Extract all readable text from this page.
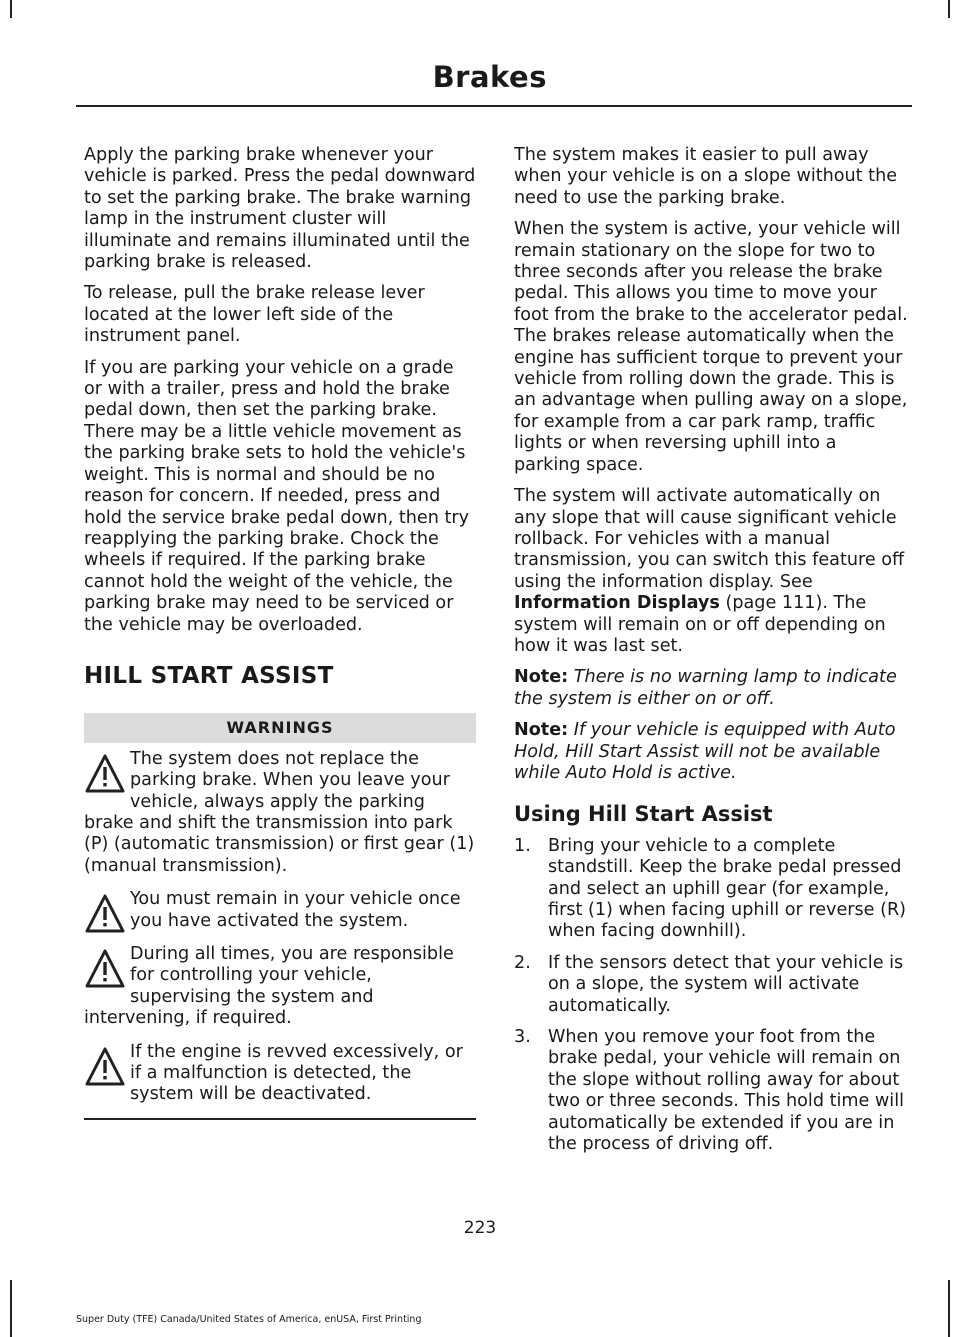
Brakes

Apply the parking brake whenever your vehicle is parked. Press the pedal downward to set the parking brake. The brake warning lamp in the instrument cluster will illuminate and remains illuminated until the parking brake is released.

To release, pull the brake release lever located at the lower left side of the instrument panel.

If you are parking your vehicle on a grade or with a trailer, press and hold the brake pedal down, then set the parking brake. There may be a little vehicle movement as the parking brake sets to hold the vehicle's weight. This is normal and should be no reason for concern. If needed, press and hold the service brake pedal down, then try reapplying the parking brake. Chock the wheels if required. If the parking brake cannot hold the weight of the vehicle, the parking brake may need to be serviced or the vehicle may be overloaded.

HILL START ASSIST
WARNINGS
The system does not replace the parking brake. When you leave your vehicle, always apply the parking brake and shift the transmission into park (P) (automatic transmission) or first gear (1) (manual transmission).
You must remain in your vehicle once you have activated the system.
During all times, you are responsible for controlling your vehicle, supervising the system and intervening, if required.
If the engine is revved excessively, or if a malfunction is detected, the system will be deactivated.

The system makes it easier to pull away when your vehicle is on a slope without the need to use the parking brake.

When the system is active, your vehicle will remain stationary on the slope for two to three seconds after you release the brake pedal. This allows you time to move your foot from the brake to the accelerator pedal. The brakes release automatically when the engine has sufficient torque to prevent your vehicle from rolling down the grade. This is an advantage when pulling away on a slope, for example from a car park ramp, traffic lights or when reversing uphill into a parking space.

The system will activate automatically on any slope that will cause significant vehicle rollback. For vehicles with a manual transmission, you can switch this feature off using the information display. See Information Displays (page 111). The system will remain on or off depending on how it was last set.

Note: There is no warning lamp to indicate the system is either on or off.

Note: If your vehicle is equipped with Auto Hold, Hill Start Assist will not be available while Auto Hold is active.

Using Hill Start Assist
1. Bring your vehicle to a complete standstill. Keep the brake pedal pressed and select an uphill gear (for example, first (1) when facing uphill or reverse (R) when facing downhill).
2. If the sensors detect that your vehicle is on a slope, the system will activate automatically.
3. When you remove your foot from the brake pedal, your vehicle will remain on the slope without rolling away for about two or three seconds. This hold time will automatically be extended if you are in the process of driving off.
223
Super Duty (TFE) Canada/United States of America, enUSA, First Printing
